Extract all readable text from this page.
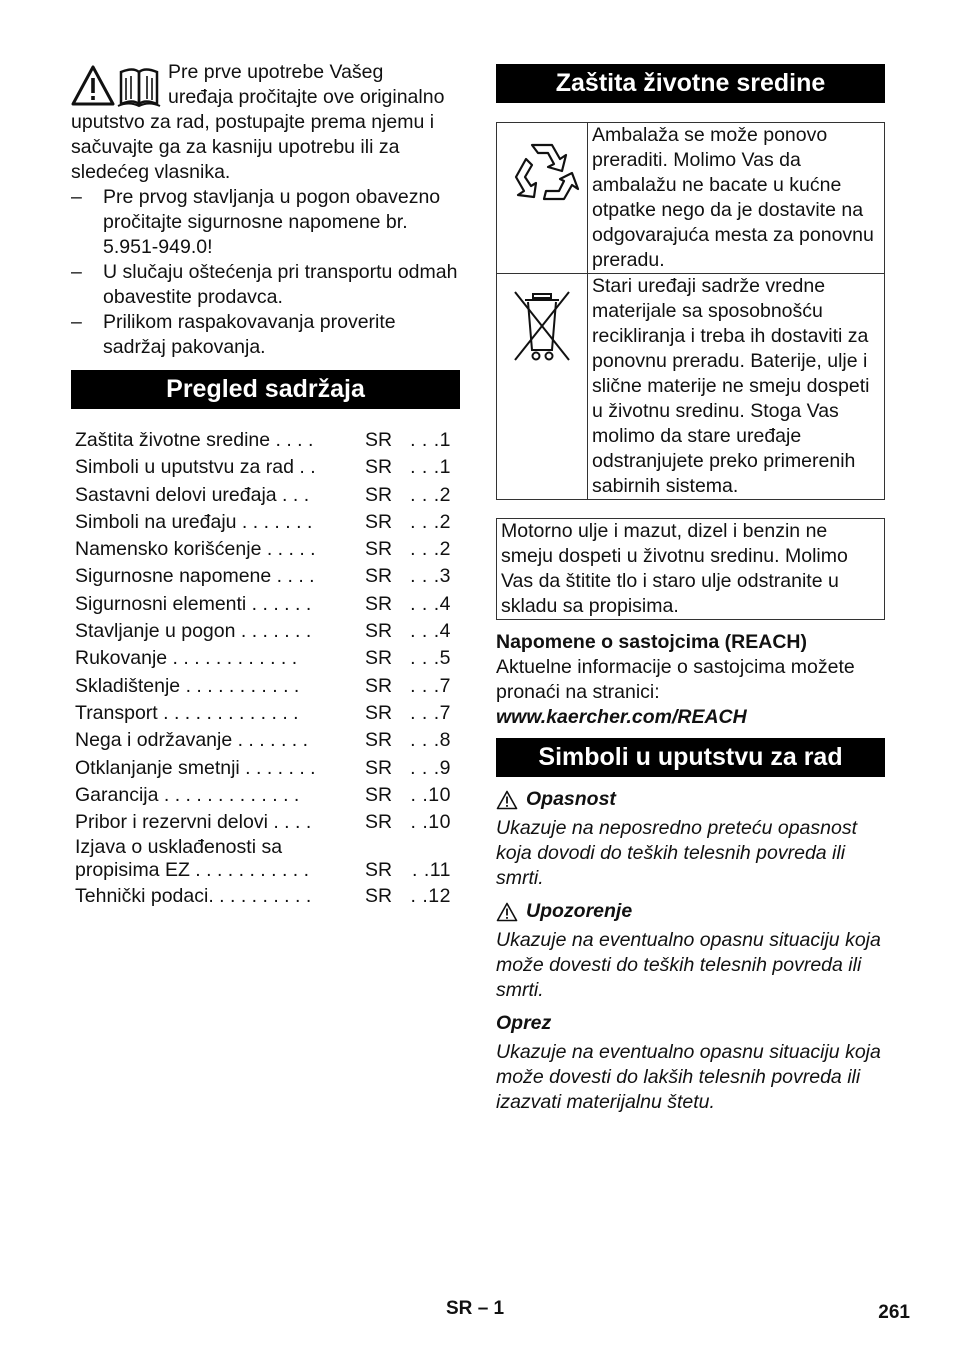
Pre prve upotrebe Vašeg
uređaja pročitajte ove originalno
uputstvo za rad, postupajte prema njemu i
sačuvajte ga za kasniju upotrebu ili za
sledećeg vlasnika.
– Pre prvog stavljanja u pogon obavezno pročitajte sigurnosne napomene br. 5.951-949.0!
– U slučaju oštećenja pri transportu odmah obavestite prodavca.
– Prilikom raspakovavanja proverite sadržaj pakovanja.
Pregled sadržaja
Zaštita životne sredine . . . .	SR . . .1
Simboli u uputstvu za rad . .	SR . . .1
Sastavni delovi uređaja . . .	SR . . .2
Simboli na uređaju . . . . . . .	SR . . .2
Namensko korišćenje . . . . .	SR . . .2
Sigurnosne napomene . . . .	SR . . .3
Sigurnosni elementi . . . . . .	SR . . .4
Stavljanje u pogon . . . . . . .	SR . . .4
Rukovanje . . . . . . . . . . . .	SR . . .5
Skladištenje . . . . . . . . . . .	SR . . .7
Transport . . . . . . . . . . . . .	SR . . .7
Nega i održavanje . . . . . . .	SR . . .8
Otklanjanje smetnji . . . . . . .	SR . . .9
Garancija . . . . . . . . . . . . .	SR . .10
Pribor i rezervni delovi . . . .	SR . .10
Izjava o usklađenosti sa propisima EZ . . . . . . . . . . .	SR	. .11
Tehnički podaci. . . . . . . . . .	SR . .12
Zaštita životne sredine
	Ambalaža se može ponovo preraditi. Molimo Vas da ambalažu ne bacate u kućne otpatke nego da je dostavite na odgovarajuća mesta za ponovnu preradu.
	Stari uređaji sadrže vredne materijale sa sposobnošću recikliranja i treba ih dostaviti za ponovnu preradu. Baterije, ulje i slične materije ne smeju dospeti u životnu sredinu. Stoga Vas molimo da stare uređaje odstranjujete preko primerenih sabirnih sistema.
Motorno ulje i mazut, dizel i benzin ne smeju dospeti u životnu sredinu. Molimo Vas da štitite tlo i staro ulje odstranite u skladu sa propisima.
Napomene o sastojcima (REACH)
Aktuelne informacije o sastojcima možete pronaći na stranici:
www.kaercher.com/REACH
Simboli u uputstvu za rad
Opasnost
Ukazuje na neposredno preteću opasnost koja dovodi do teških telesnih povreda ili smrti.
Upozorenje
Ukazuje na eventualno opasnu situaciju koja može dovesti do teških telesnih povreda ili smrti.
Oprez
Ukazuje na eventualno opasnu situaciju koja može dovesti do lakših telesnih povreda ili izazvati materijalnu štetu.
SR – 1	261
